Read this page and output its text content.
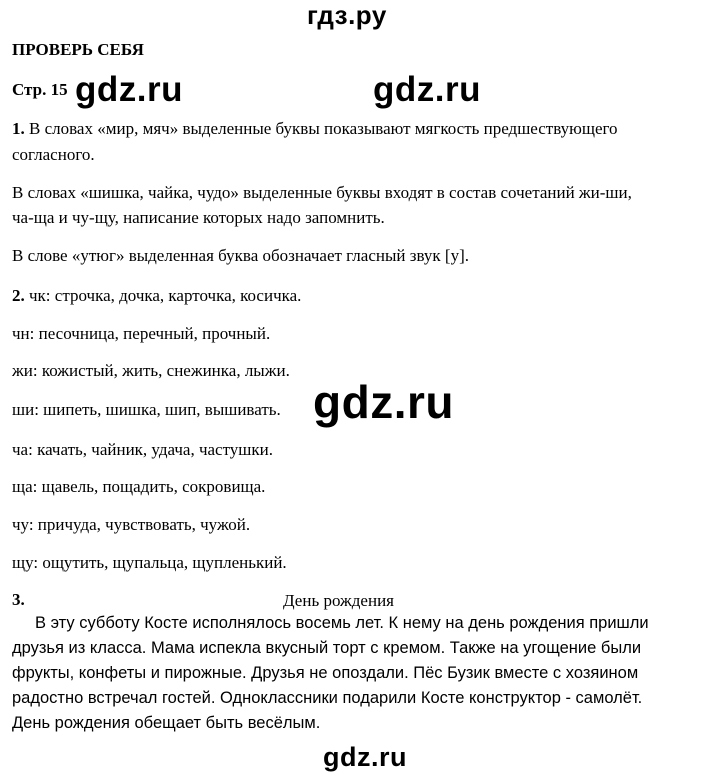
гдз.ру
gdz.ru	gdz.ru
gdz.ru
gdz.ru
ПРОВЕРЬ СЕБЯ
Стр. 15
1. В словах «мир, мяч» выделенные буквы показывают мягкость предшествующего
согласного.
В словах «шишка, чайка, чудо» выделенные буквы входят в состав сочетаний жи-ши,
ча-ща и чу-щу, написание которых надо запомнить.
В слове «утюг» выделенная буква обозначает гласный звук [у].
2. чк: строчка, дочка, карточка, косичка.
чн: песочница, перечный, прочный.
жи: кожистый, жить, снежинка, лыжи.
ши: шипеть, шишка, шип, вышивать.
ча: качать, чайник, удача, частушки.
ща: щавель, пощадить, сокровища.
чу: причуда, чувствовать, чужой.
щу: ощутить, щупальца, щупленький.
3.	День рождения
В эту субботу Косте исполнялось восемь лет. К нему на день рождения пришли
друзья из класса. Мама испекла вкусный торт с кремом. Также на угощение были
фрукты, конфеты и пирожные. Друзья не опоздали. Пёс Бузик вместе с хозяином
радостно встречал гостей. Одноклассники подарили Косте конструктор - самолёт.
День рождения обещает быть весёлым.
